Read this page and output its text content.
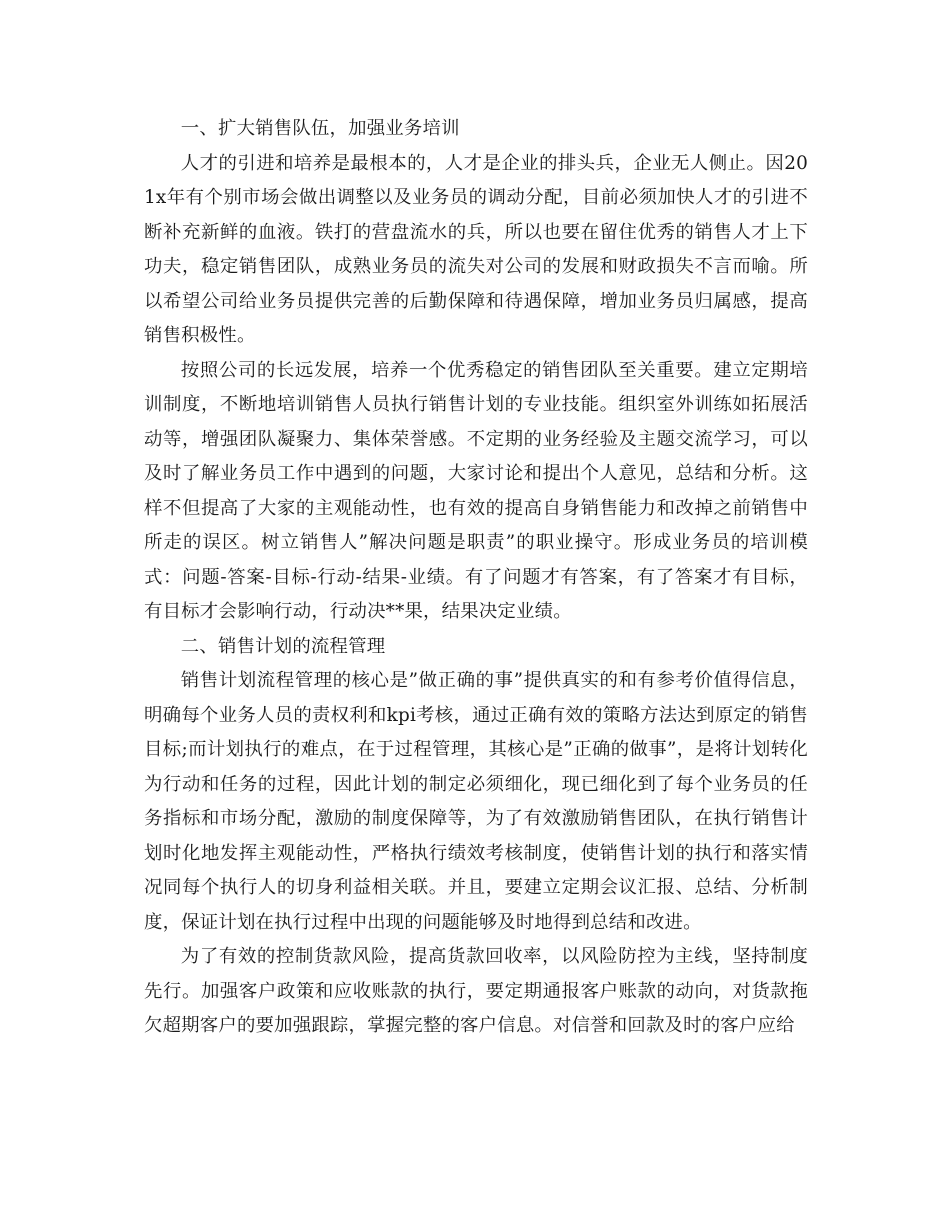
一、扩大销售队伍，加强业务培训

人才的引进和培养是最根本的，人才是企业的排头兵，企业无人侧止。因201x年有个别市场会做出调整以及业务员的调动分配，目前必须加快人才的引进不断补充新鲜的血液。铁打的营盘流水的兵，所以也要在留住优秀的销售人才上下功夫，稳定销售团队，成熟业务员的流失对公司的发展和财政损失不言而喻。所以希望公司给业务员提供完善的后勤保障和待遇保障，增加业务员归属感，提高销售积极性。

按照公司的长远发展，培养一个优秀稳定的销售团队至关重要。建立定期培训制度，不断地培训销售人员执行销售计划的专业技能。组织室外训练如拓展活动等，增强团队凝聚力、集体荣誉感。不定期的业务经验及主题交流学习，可以及时了解业务员工作中遇到的问题，大家讨论和提出个人意见，总结和分析。这样不但提高了大家的主观能动性，也有效的提高自身销售能力和改掉之前销售中所走的误区。树立销售人”解决问题是职责”的职业操守。形成业务员的培训模式：问题-答案-目标-行动-结果-业绩。有了问题才有答案，有了答案才有目标，有目标才会影响行动，行动决**果，结果决定业绩。

二、销售计划的流程管理

销售计划流程管理的核心是”做正确的事”提供真实的和有参考价值得信息，明确每个业务人员的责权利和kpi考核，通过正确有效的策略方法达到原定的销售目标;而计划执行的难点，在于过程管理，其核心是”正确的做事”，是将计划转化为行动和任务的过程，因此计划的制定必须细化，现已细化到了每个业务员的任务指标和市场分配，激励的制度保障等，为了有效激励销售团队，在执行销售计划时化地发挥主观能动性，严格执行绩效考核制度，使销售计划的执行和落实情况同每个执行人的切身利益相关联。并且，要建立定期会议汇报、总结、分析制度，保证计划在执行过程中出现的问题能够及时地得到总结和改进。

为了有效的控制货款风险，提高货款回收率，以风险防控为主线，坚持制度先行。加强客户政策和应收账款的执行，要定期通报客户账款的动向，对货款拖欠超期客户的要加强跟踪，掌握完整的客户信息。对信誉和回款及时的客户应给
